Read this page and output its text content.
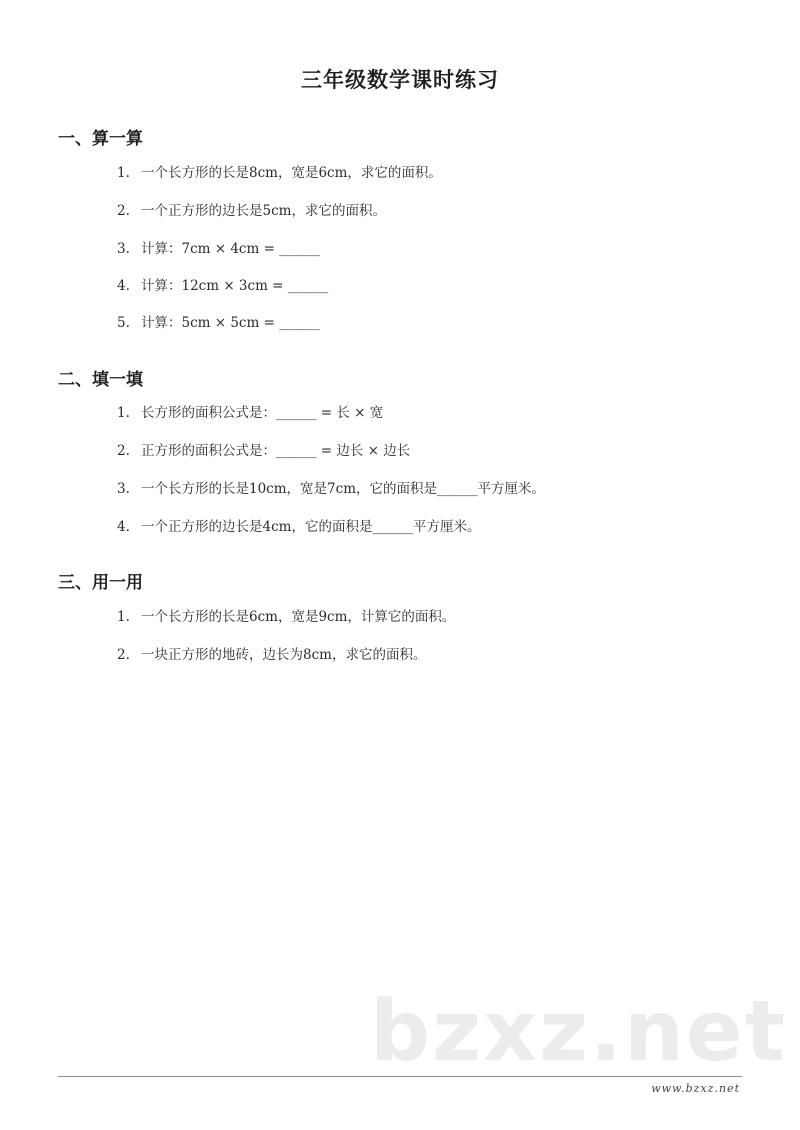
三年级数学课时练习
一、算一算
1. 一个长方形的长是8cm，宽是6cm，求它的面积。
2. 一个正方形的边长是5cm，求它的面积。
3. 计算：7cm × 4cm = ______
4. 计算：12cm × 3cm = ______
5. 计算：5cm × 5cm = ______
二、填一填
1. 长方形的面积公式是：______ = 长 × 宽
2. 正方形的面积公式是：______ = 边长 × 边长
3. 一个长方形的长是10cm，宽是7cm，它的面积是______平方厘米。
4. 一个正方形的边长是4cm，它的面积是______平方厘米。
三、用一用
1. 一个长方形的长是6cm，宽是9cm，计算它的面积。
2. 一块正方形的地砖，边长为8cm，求它的面积。
bzxz.net
www.bzxz.net
